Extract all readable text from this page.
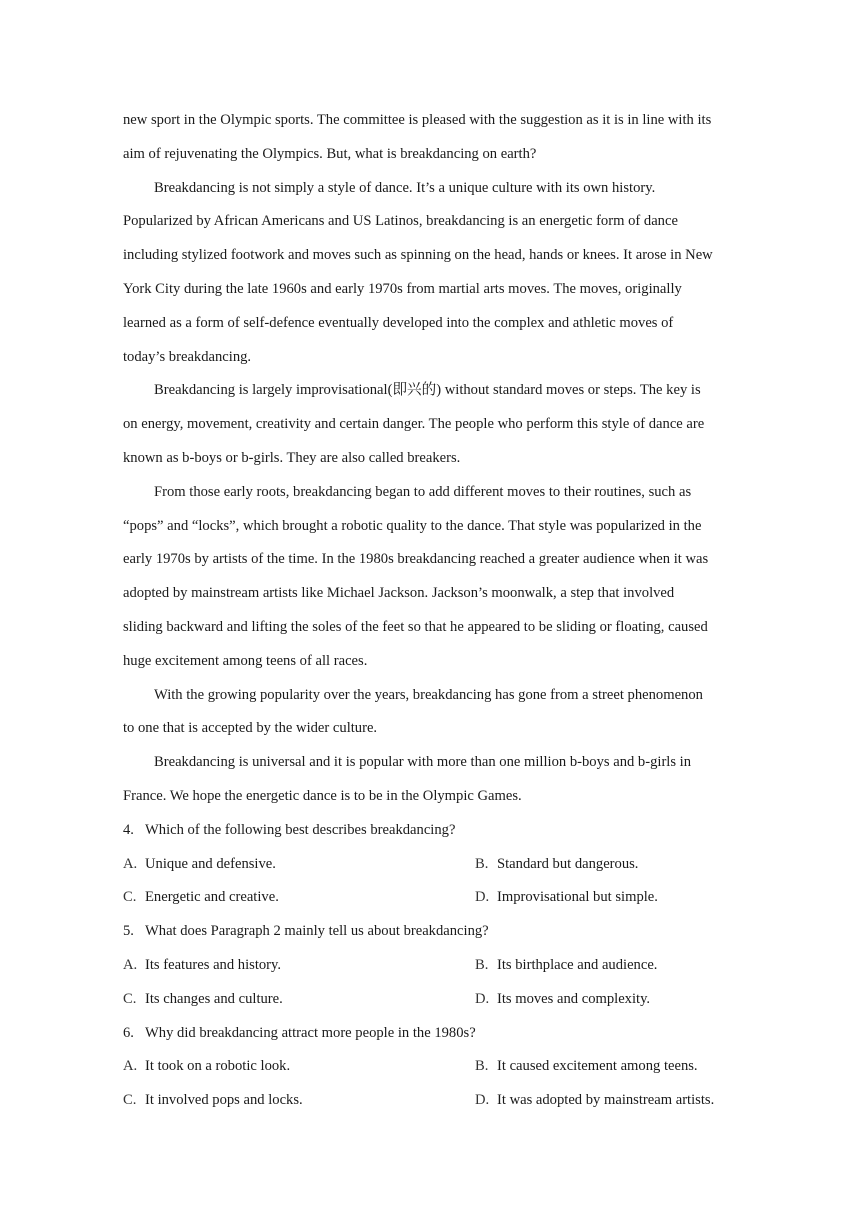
new sport in the Olympic sports. The committee is pleased with the suggestion as it is in line with its
aim of rejuvenating the Olympics. But, what is breakdancing on earth?
Breakdancing is not simply a style of dance. It’s a unique culture with its own history.
Popularized by African Americans and US Latinos, breakdancing is an energetic form of dance
including stylized footwork and moves such as spinning on the head, hands or knees. It arose in New
York City during the late 1960s and early 1970s from martial arts moves. The moves, originally
learned as a form of self-defence eventually developed into the complex and athletic moves of
today’s breakdancing.
Breakdancing is largely improvisational(即兴的) without standard moves or steps. The key is
on energy, movement, creativity and certain danger. The people who perform this style of dance are
known as b-boys or b-girls. They are also called breakers.
From those early roots, breakdancing began to add different moves to their routines, such as
“pops” and “locks”, which brought a robotic quality to the dance. That style was popularized in the
early 1970s by artists of the time. In the 1980s breakdancing reached a greater audience when it was
adopted by mainstream artists like Michael Jackson. Jackson’s moonwalk, a step that involved
sliding backward and lifting the soles of the feet so that he appeared to be sliding or floating, caused
huge excitement among teens of all races.
With the growing popularity over the years, breakdancing has gone from a street phenomenon
to one that is accepted by the wider culture.
Breakdancing is universal and it is popular with more than one million b-boys and b-girls in
France. We hope the energetic dance is to be in the Olympic Games.
4. Which of the following best describes breakdancing?
A. Unique and defensive.	B. Standard but dangerous.
C. Energetic and creative.	D. Improvisational but simple.
5. What does Paragraph 2 mainly tell us about breakdancing?
A. Its features and history.	B. Its birthplace and audience.
C. Its changes and culture.	D. Its moves and complexity.
6. Why did breakdancing attract more people in the 1980s?
A. It took on a robotic look.	B. It caused excitement among teens.
C. It involved pops and locks.	D. It was adopted by mainstream artists.
